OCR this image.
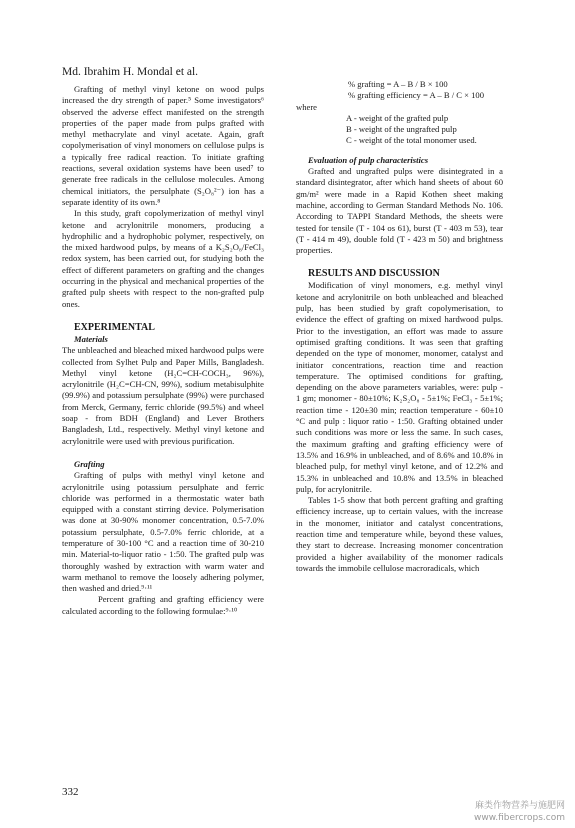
Md. Ibrahim H. Mondal et al.

Grafting of methyl vinyl ketone on wood pulps increased the dry strength of paper.⁵ Some investigators⁶ observed the adverse effect manifested on the strength properties of the paper made from pulps grafted with methyl methacrylate and vinyl acetate. Again, graft copolymerisation of vinyl monomers on cellulose pulps is a typically free radical reaction. To initiate grafting reactions, several oxidation systems have been used⁷ to generate free radicals in the cellulose molecules. Among chemical initiators, the persulphate (S₂O₈²⁻) ion has a separate identity of its own.⁸

In this study, graft copolymerization of methyl vinyl ketone and acrylonitrile monomers, producing a hydrophilic and a hydrophobic polymer, respectively, on the mixed hardwood pulps, by means of a K₂S₂O₈/FeCl₃ redox system, has been carried out, for studying both the effect of different parameters on grafting and the changes occurring in the physical and mechanical properties of the grafted pulp sheets with respect to the non-grafted pulp ones.

EXPERIMENTAL

Materials

The unbleached and bleached mixed hardwood pulps were collected from Sylhet Pulp and Paper Mills, Bangladesh. Methyl vinyl ketone (H₂C=CH-COCH₃, 96%), acrylonitrile (H₂C=CH-CN, 99%), sodium metabisulphite (99.9%) and potassium persulphate (99%) were purchased from Merck, Germany, ferric chloride (99.5%) and wheel soap - from BDH (England) and Lever Brothers Bangladesh, Ltd., respectively. Methyl vinyl ketone and acrylonitrile were used with previous purification.

Grafting

Grafting of pulps with methyl vinyl ketone and acrylonitrile using potassium persulphate and ferric chloride was performed in a thermostatic water bath equipped with a constant stirring device. Polymerisation was done at 30-90% monomer concentration, 0.5-7.0% potassium persulphate, 0.5-7.0% ferric chloride, at a temperature of 30-100 °C and a reaction time of 30-210 min. Material-to-liquor ratio - 1:50. The grafted pulp was thoroughly washed by extraction with warm water and warm methanol to remove the loosely adhering polymer, then washed and dried.⁹·¹¹

Percent grafting and grafting efficiency were calculated according to the following formulae:⁹·¹⁰

% grafting = A – B / B × 100

% grafting efficiency = A – B / C × 100

where

A - weight of the grafted pulp

B - weight of the ungrafted pulp

C - weight of the total monomer used.

Evaluation of pulp characteristics

Grafted and ungrafted pulps were disintegrated in a standard disintegrator, after which hand sheets of about 60 gm/m² were made in a Rapid Kothen sheet making machine, according to German Standard Methods No. 106. According to TAPPI Standard Methods, the sheets were tested for tensile (T - 104 os 61), burst (T - 403 m 53), tear (T - 414 m 49), double fold (T - 423 m 50) and brightness properties.

RESULTS AND DISCUSSION

Modification of vinyl monomers, e.g. methyl vinyl ketone and acrylonitrile on both unbleached and bleached pulp, has been studied by graft copolymerisation, to evidence the effect of grafting on mixed hardwood pulps. Prior to the investigation, an effort was made to assure optimised grafting conditions. It was seen that grafting depended on the type of monomer, monomer, catalyst and initiator concentrations, reaction time and reaction temperature. The optimised conditions for grafting, depending on the above parameters variables, were: pulp - 1 gm; monomer - 80±10%; K₂S₂O₈ - 5±1%; FeCl₃ - 5±1%; reaction time - 120±30 min; reaction temperature - 60±10 °C and pulp : liquor ratio - 1:50. Grafting obtained under such conditions was more or less the same. In such cases, the maximum grafting and grafting efficiency were of 13.5% and 16.9% in unbleached, and of 8.6% and 10.8% in bleached pulp, for methyl vinyl ketone, and of 12.2% and 15.3% in unbleached and 10.8% and 13.5% in bleached pulp, for acrylonitrile.

Tables 1-5 show that both percent grafting and grafting efficiency increase, up to certain values, with the increase in the monomer, initiator and catalyst concentrations, reaction time and temperature while, beyond these values, they start to decrease. Increasing monomer concentration provided a higher availability of the monomer radicals towards the immobile cellulose macroradicals, which

332
麻类作物营养与施肥网
www.fibercrops.com
